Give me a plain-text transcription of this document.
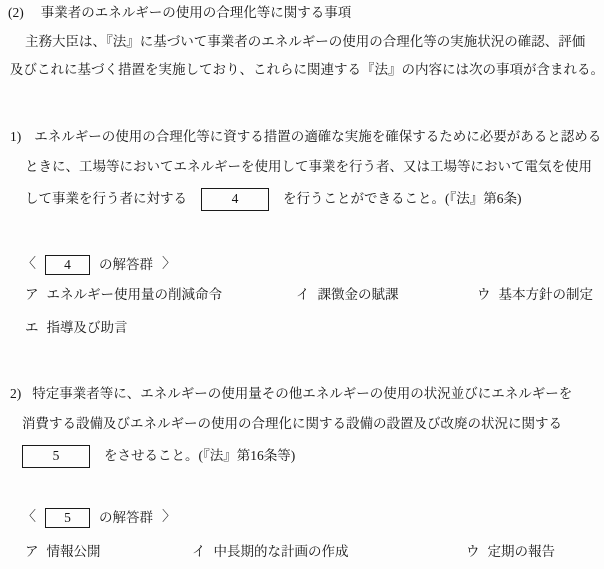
(2) 事業者のエネルギーの使用の合理化等に関する事項
主務大臣は、『法』に基づいて事業者のエネルギーの使用の合理化等の実施状況の確認、評価
及びこれに基づく措置を実施しており、これらに関連する『法』の内容には次の事項が含まれる。
1) エネルギーの使用の合理化等に資する措置の適確な実施を確保するために必要があると認める
ときに、工場等においてエネルギーを使用して事業を行う者、又は工場等において電気を使用
して事業を行う者に対する	4	を行うことができること。(『法』第6条)
〈 4 の解答群 〉
ア エネルギー使用量の削減命令	イ 課徴金の賦課	ウ 基本方針の制定
エ 指導及び助言
2) 特定事業者等に、エネルギーの使用量その他エネルギーの使用の状況並びにエネルギーを
消費する設備及びエネルギーの使用の合理化に関する設備の設置及び改廃の状況に関する
5	をさせること。(『法』第16条等)
〈 5 の解答群 〉
ア 情報公開	イ 中長期的な計画の作成	ウ 定期の報告
